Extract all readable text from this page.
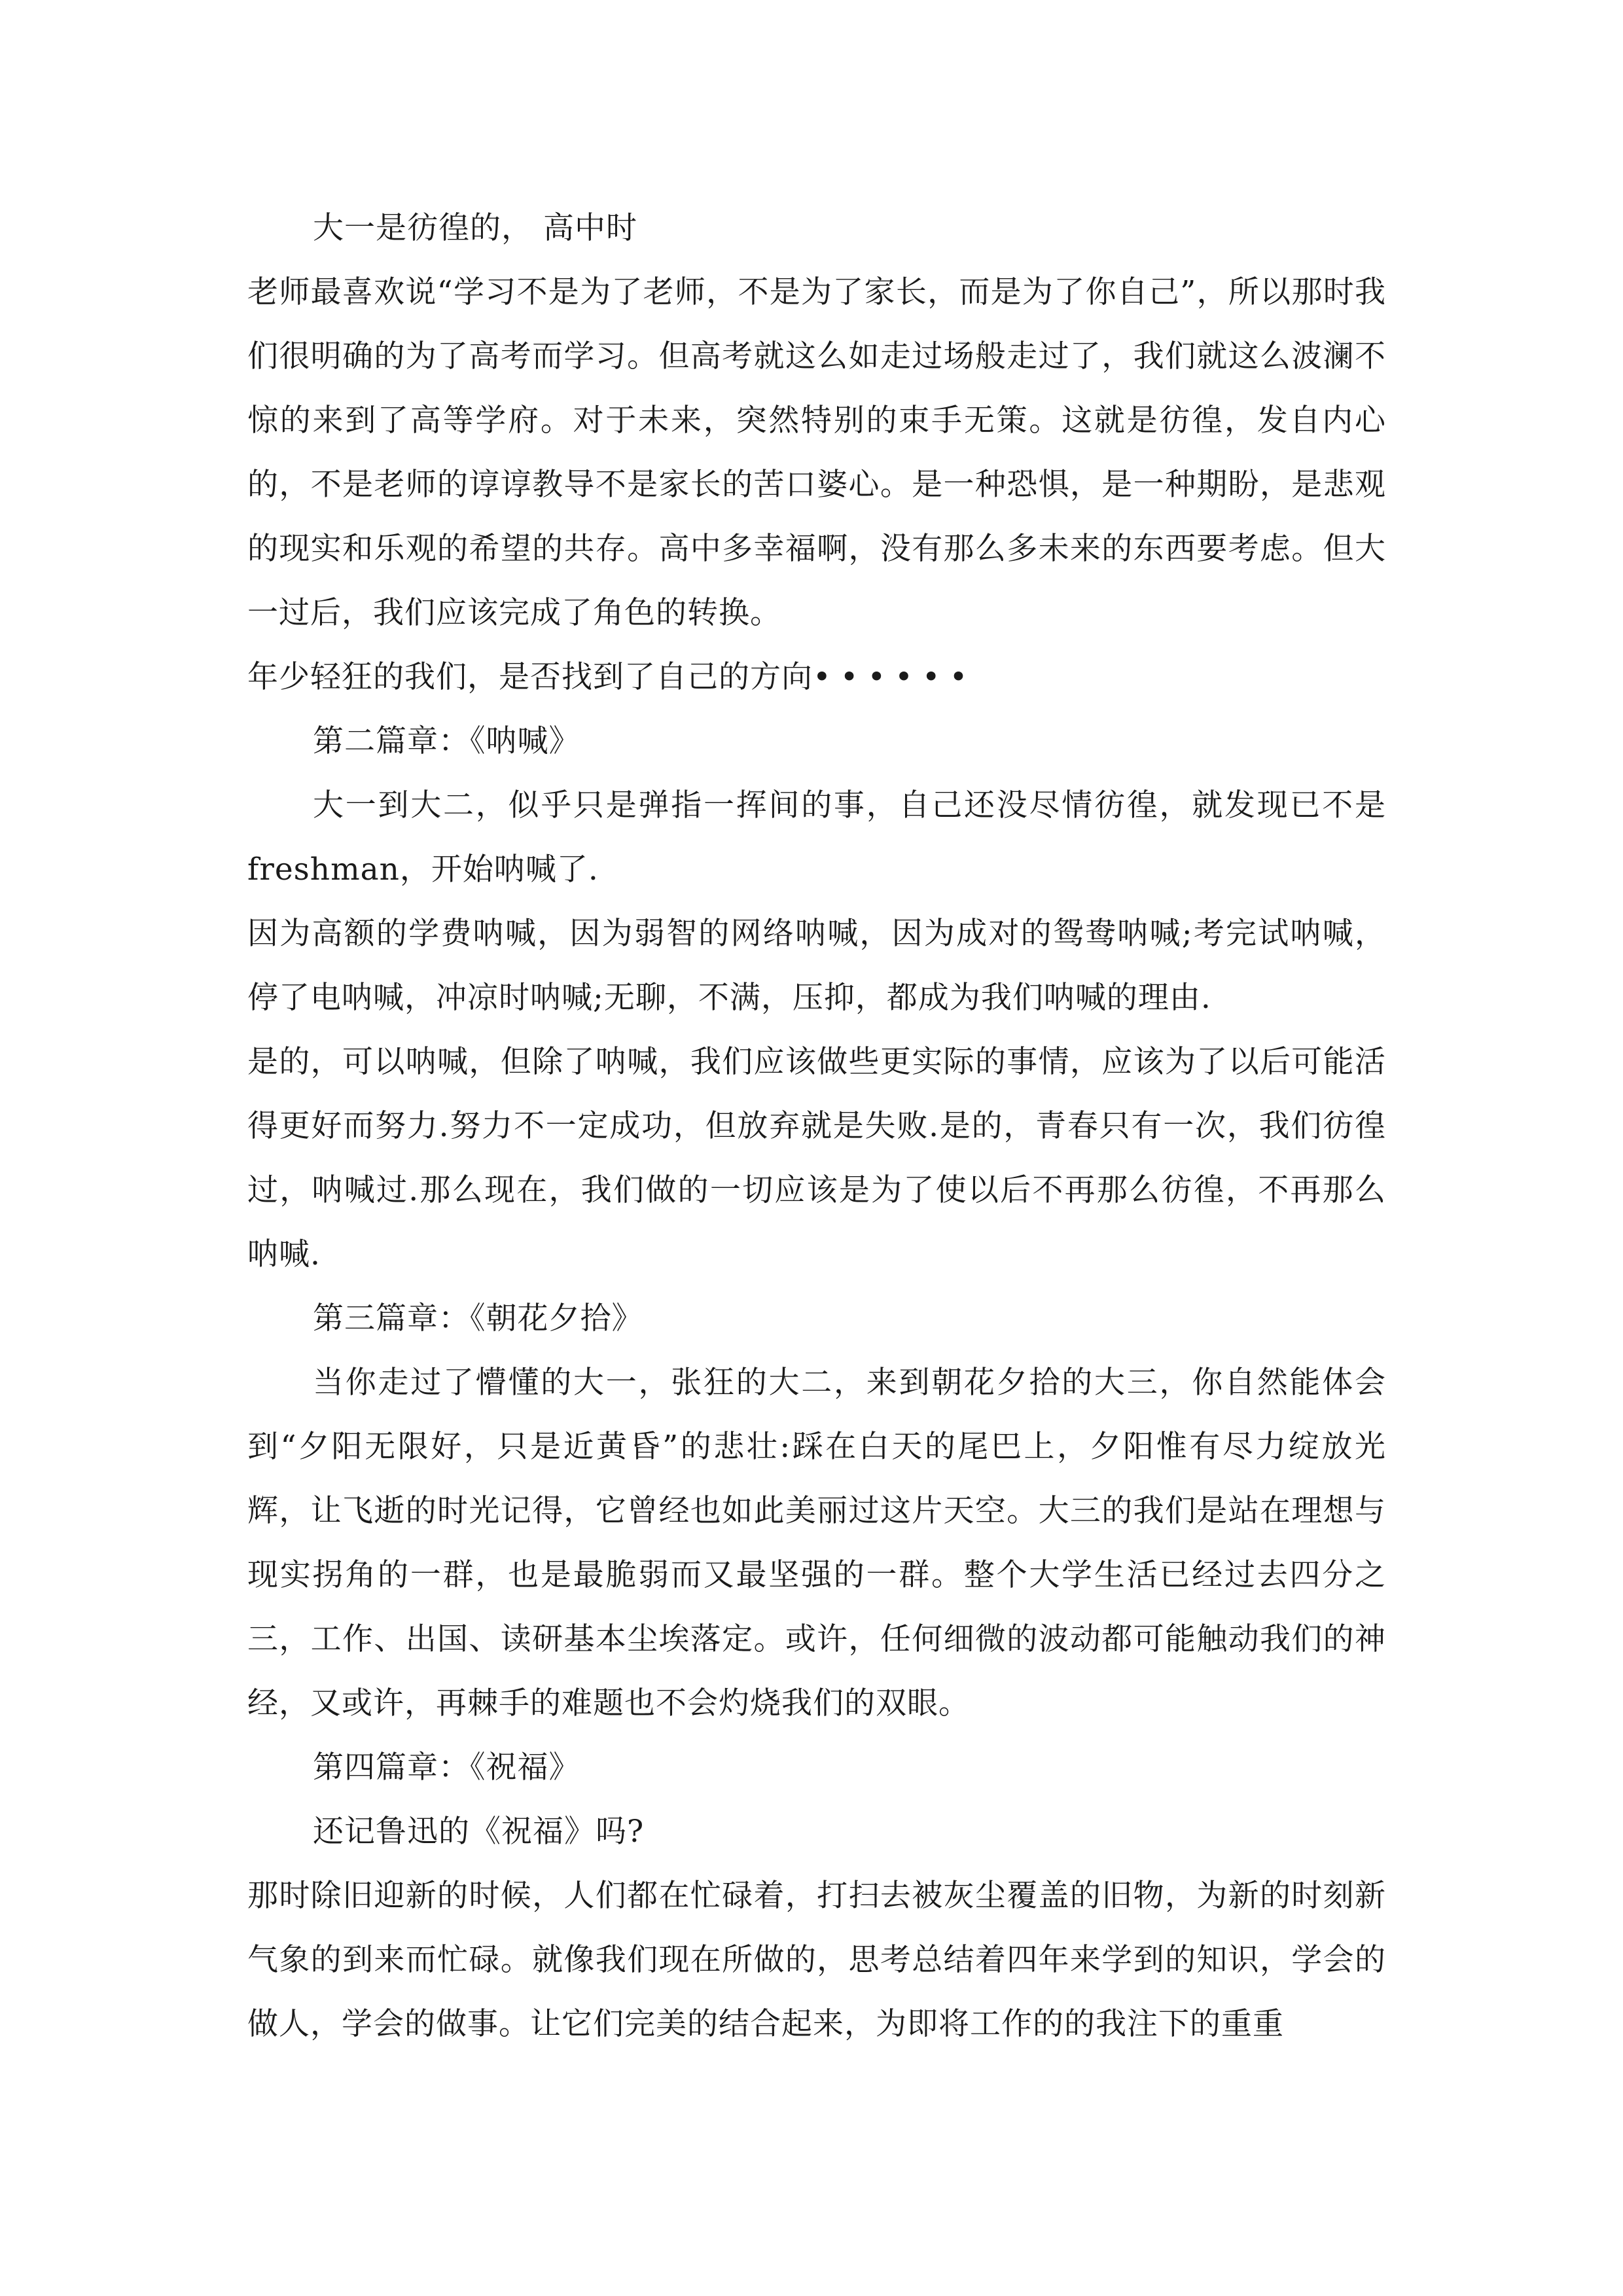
大一是彷徨的， 高中时

老师最喜欢说“学习不是为了老师，不是为了家长，而是为了你自己”，所以那时我们很明确的为了高考而学习。但高考就这么如走过场般走过了，我们就这么波澜不惊的来到了高等学府。对于未来，突然特别的束手无策。这就是彷徨，发自内心的，不是老师的谆谆教导不是家长的苦口婆心。是一种恐惧，是一种期盼，是悲观的现实和乐观的希望的共存。高中多幸福啊，没有那么多未来的东西要考虑。但大一过后，我们应该完成了角色的转换。

年少轻狂的我们，是否找到了自己的方向••••••

第二篇章：《呐喊》

大一到大二，似乎只是弹指一挥间的事，自己还没尽情彷徨，就发现已不是freshman，开始呐喊了.

因为高额的学费呐喊，因为弱智的网络呐喊，因为成对的鸳鸯呐喊;考完试呐喊，停了电呐喊，冲凉时呐喊;无聊，不满，压抑，都成为我们呐喊的理由.

是的，可以呐喊，但除了呐喊，我们应该做些更实际的事情，应该为了以后可能活得更好而努力.努力不一定成功，但放弃就是失败.是的，青春只有一次，我们彷徨过，呐喊过.那么现在，我们做的一切应该是为了使以后不再那么彷徨，不再那么呐喊.

第三篇章：《朝花夕拾》

当你走过了懵懂的大一，张狂的大二，来到朝花夕拾的大三，你自然能体会到“夕阳无限好，只是近黄昏”的悲壮:踩在白天的尾巴上，夕阳惟有尽力绽放光辉，让飞逝的时光记得，它曾经也如此美丽过这片天空。大三的我们是站在理想与现实拐角的一群，也是最脆弱而又最坚强的一群。整个大学生活已经过去四分之三，工作、出国、读研基本尘埃落定。或许，任何细微的波动都可能触动我们的神经，又或许，再棘手的难题也不会灼烧我们的双眼。

第四篇章：《祝福》

还记鲁迅的《祝福》吗?

那时除旧迎新的时候，人们都在忙碌着，打扫去被灰尘覆盖的旧物，为新的时刻新气象的到来而忙碌。就像我们现在所做的，思考总结着四年来学到的知识，学会的做人，学会的做事。让它们完美的结合起来，为即将工作的的我注下的重重
